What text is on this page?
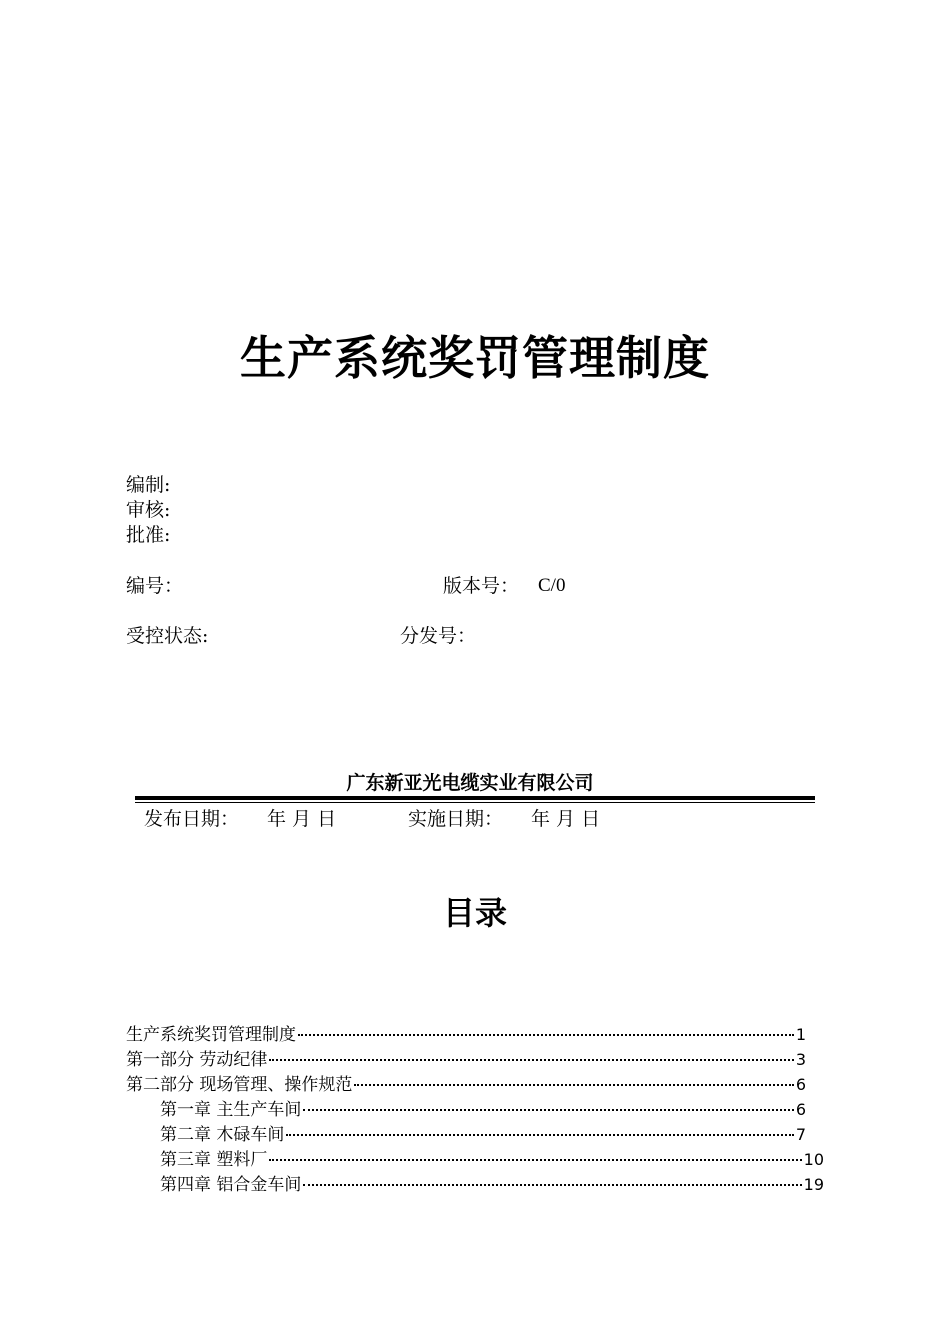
生产系统奖罚管理制度
编制:
审核:
批准:
编号：	版本号： C/0
受控状态:	分发号：
广东新亚光电缆实业有限公司
发布日期： 年 月 日	实施日期： 年 月 日
目录
生产系统奖罚管理制度	1
第一部分 劳动纪律	3
第二部分 现场管理、操作规范	6
第一章 主生产车间	6
第二章 木碌车间	7
第三章 塑料厂	10
第四章 铝合金车间	19
